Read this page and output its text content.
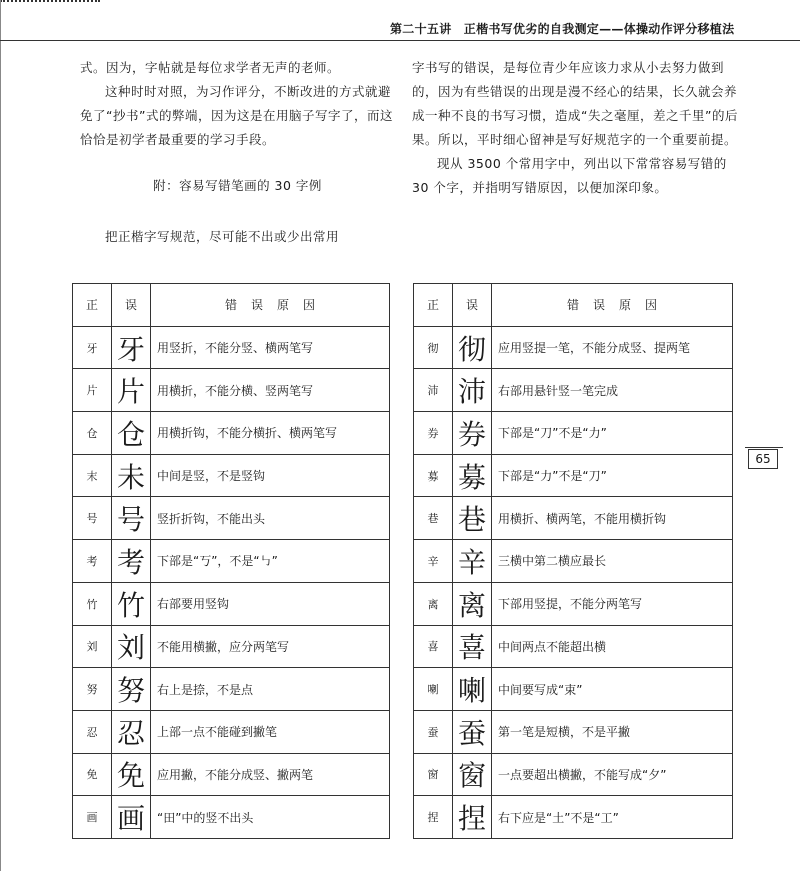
第二十五讲　正楷书写优劣的自我测定——体操动作评分移植法

式。因为，字帖就是每位求学者无声的老师。

这种时时对照，为习作评分，不断改进的方式就避免了“抄书”式的弊端，因为这是在用脑子写字了，而这恰恰是初学者最重要的学习手段。

附：容易写错笔画的 30 字例

把正楷字写规范，尽可能不出或少出常用

字书写的错误，是每位青少年应该力求从小去努力做到的，因为有些错误的出现是漫不经心的结果，长久就会养成一种不良的书写习惯，造成“失之毫厘，差之千里”的后果。所以，平时细心留神是写好规范字的一个重要前提。

现从 3500 个常用字中，列出以下常常容易写错的 30 个字，并指明写错原因，以便加深印象。

65
正	误	错误原因
牙	牙	用竖折，不能分竖、横两笔写
片	片	用横折，不能分横、竖两笔写
仓	仓	用横折钩，不能分横折、横两笔写
末	未	中间是竖，不是竖钩
号	号	竖折折钩，不能出头
考	考	下部是“丂”，不是“㇉”
竹	竹	右部要用竖钩
刘	刘	不能用横撇，应分两笔写
努	努	右上是捺，不是点
忍	忍	上部一点不能碰到撇笔
免	免	应用撇，不能分成竖、撇两笔
画	画	“田”中的竖不出头
正	误	错误原因
彻	彻	应用竖提一笔，不能分成竖、提两笔
沛	沛	右部用悬针竖一笔完成
券	券	下部是“刀”不是“力”
募	募	下部是“力”不是“刀”
巷	巷	用横折、横两笔，不能用横折钩
辛	辛	三横中第二横应最长
离	离	下部用竖提，不能分两笔写
喜	喜	中间两点不能超出横
喇	喇	中间要写成“束”
蚕	蚕	第一笔是短横，不是平撇
窗	窗	一点要超出横撇，不能写成“夕”
捏	捏	右下应是“土”不是“工”
